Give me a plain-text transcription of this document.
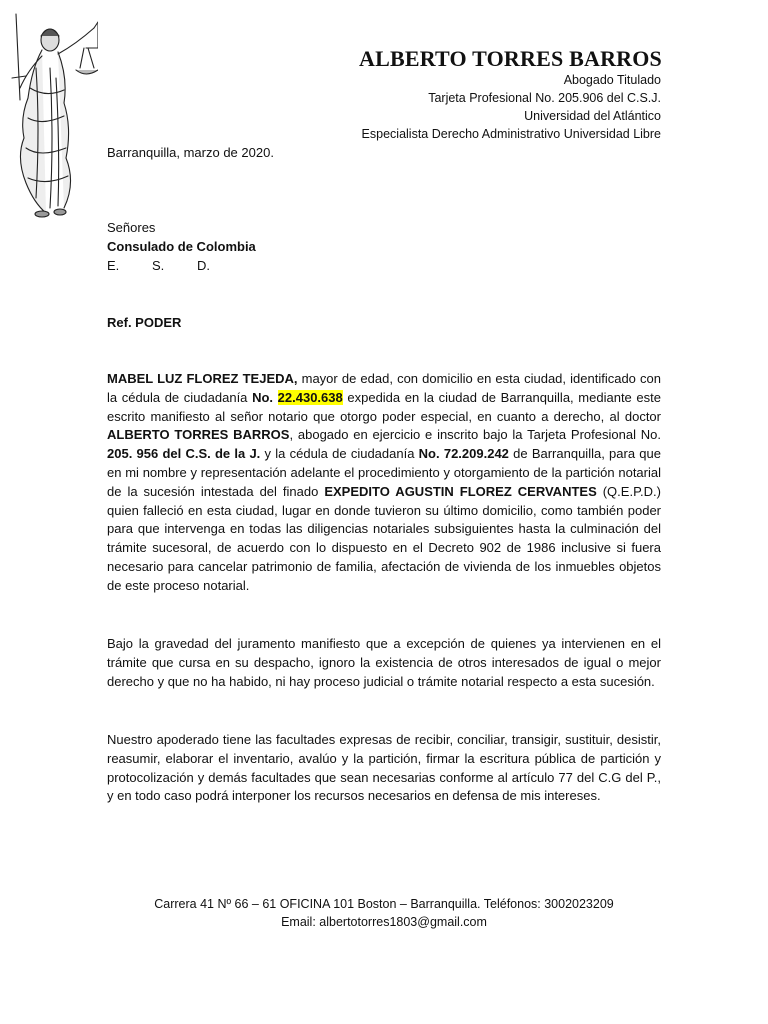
ALBERTO TORRES BARROS
Abogado Titulado
Tarjeta Profesional No. 205.906 del C.S.J.
Universidad del Atlántico
Especialista Derecho Administrativo Universidad Libre
Barranquilla, marzo de 2020.
Señores
Consulado de Colombia
E.	S.	D.
Ref. PODER
MABEL LUZ FLOREZ TEJEDA, mayor de edad, con domicilio en esta ciudad, identificado con la cédula de ciudadanía No. 22.430.638 expedida en la ciudad de Barranquilla, mediante este escrito manifiesto al señor notario que otorgo poder especial, en cuanto a derecho, al doctor ALBERTO TORRES BARROS, abogado en ejercicio e inscrito bajo la Tarjeta Profesional No. 205. 956 del C.S. de la J. y la cédula de ciudadanía No. 72.209.242 de Barranquilla, para que en mi nombre y representación adelante el procedimiento y otorgamiento de la partición notarial de la sucesión intestada del finado EXPEDITO AGUSTIN FLOREZ CERVANTES (Q.E.P.D.) quien falleció en esta ciudad, lugar en donde tuvieron su último domicilio, como también poder para que intervenga en todas las diligencias notariales subsiguientes hasta la culminación del trámite sucesoral, de acuerdo con lo dispuesto en el Decreto 902 de 1986 inclusive si fuera necesario para cancelar patrimonio de familia, afectación de vivienda de los inmuebles objetos de este proceso notarial.
Bajo la gravedad del juramento manifiesto que a excepción de quienes ya intervienen en el trámite que cursa en su despacho, ignoro la existencia de otros interesados de igual o mejor derecho y que no ha habido, ni hay proceso judicial o trámite notarial respecto a esta sucesión.
Nuestro apoderado tiene las facultades expresas de recibir, conciliar, transigir, sustituir, desistir, reasumir, elaborar el inventario, avalúo y la partición, firmar la escritura pública de partición y protocolización y demás facultades que sean necesarias conforme al artículo 77 del C.G del P., y en todo caso podrá interponer los recursos necesarios en defensa de mis intereses.
Carrera 41 Nº 66 – 61 OFICINA 101 Boston – Barranquilla. Teléfonos: 3002023209
Email: albertotorres1803@gmail.com
